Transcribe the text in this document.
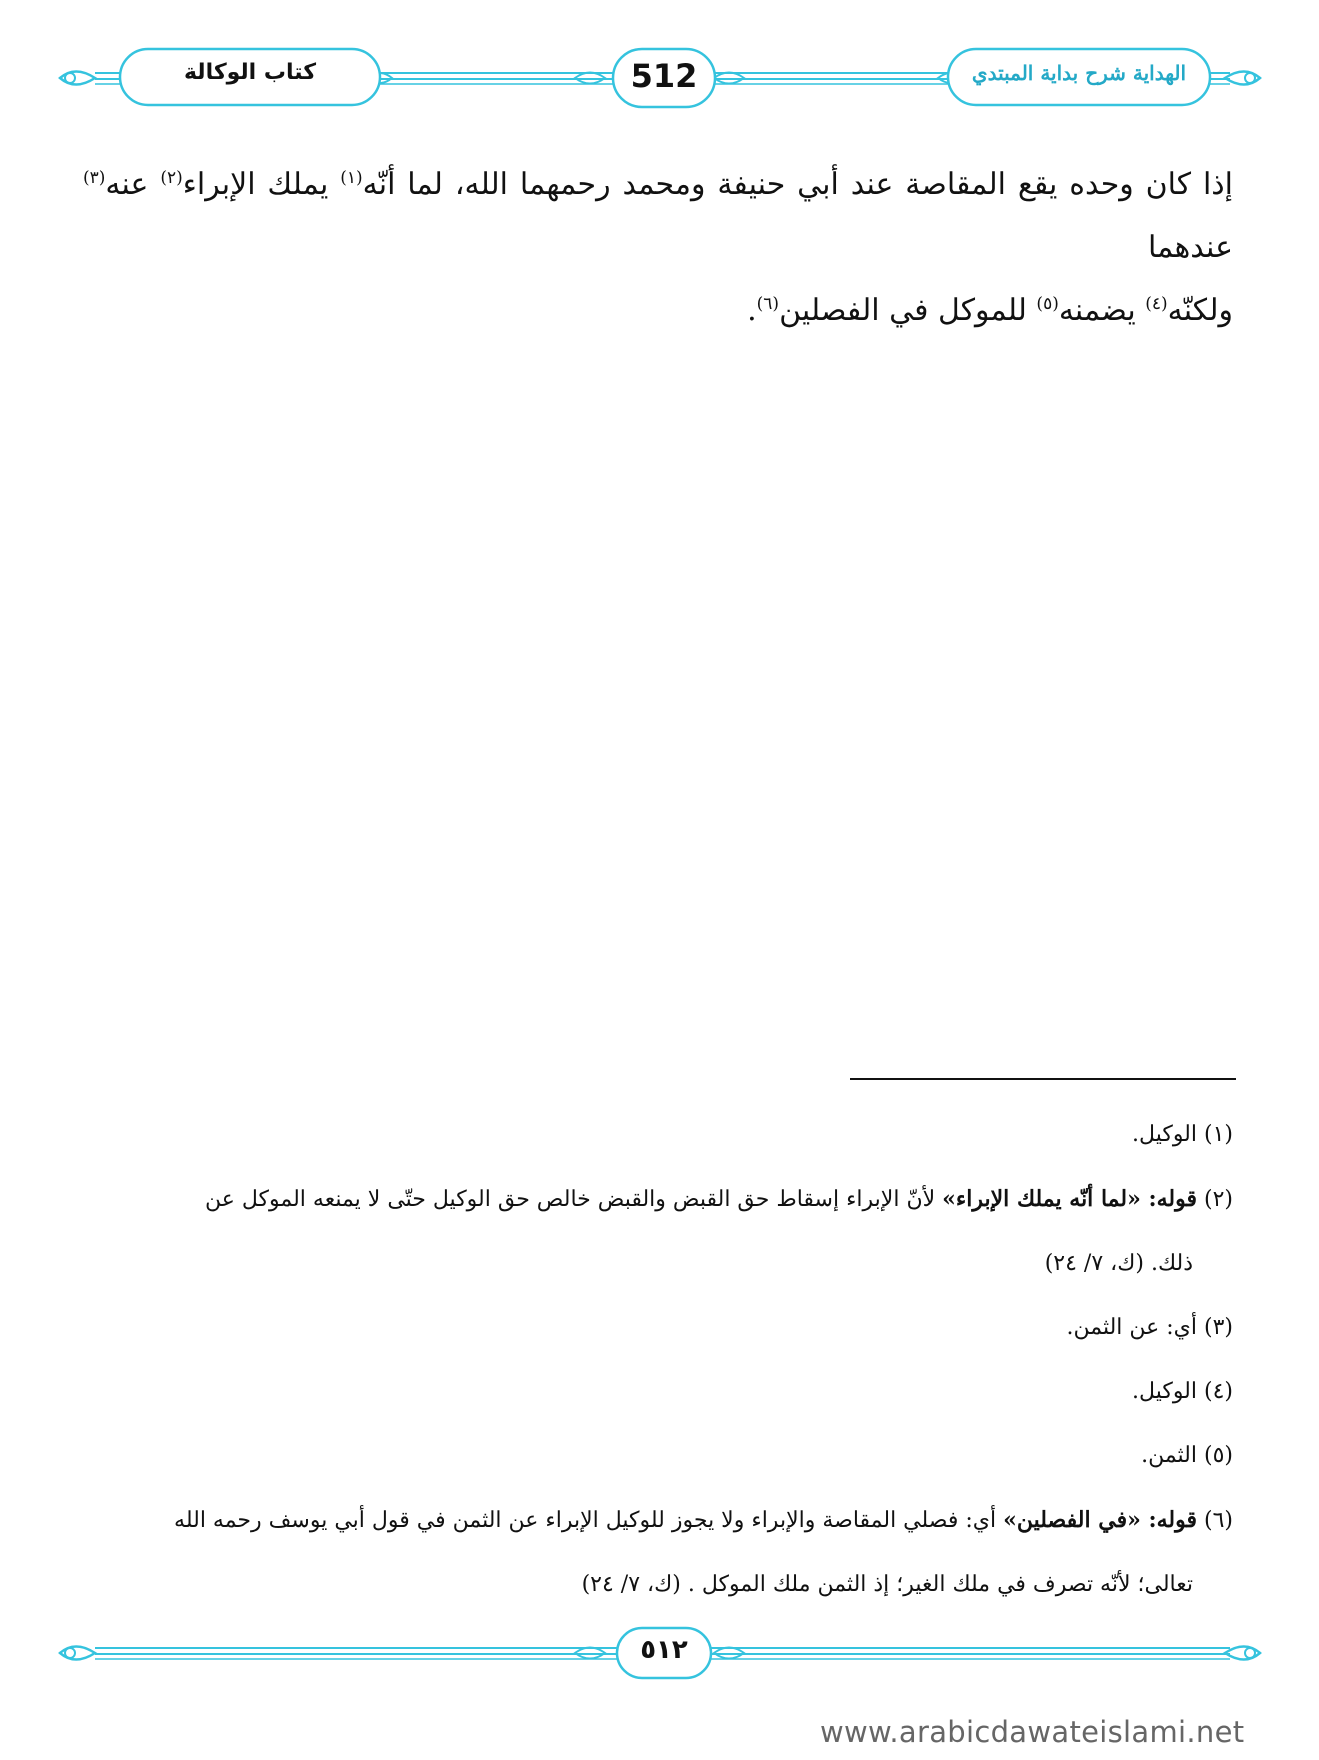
كتاب الوكالة	512	الهداية شرح بداية المبتدي
إذا كان وحده يقع المقاصة عند أبي حنيفة ومحمد رحمهما الله، لما أنّه$^{(١)}$ يملك الإبراء$^{(٢)}$ عنه$^{(٣)}$ عندهما
ولكنّه$^{(٤)}$ يضمنه$^{(٥)}$ للموكل في الفصلين$^{(٦)}$.
(١) الوكيل.
(٢) قوله: «لما أنّه يملك الإبراء» لأنّ الإبراء إسقاط حق القبض والقبض خالص حق الوكيل حتّى لا يمنعه الموكل عن
ذلك. (ك، ٧/ ٢٤)
(٣) أي: عن الثمن.
(٤) الوكيل.
(٥) الثمن.
(٦) قوله: «في الفصلين» أي: فصلي المقاصة والإبراء ولا يجوز للوكيل الإبراء عن الثمن في قول أبي يوسف رحمه الله
تعالى؛ لأنّه تصرف في ملك الغير؛ إذ الثمن ملك الموكل . (ك، ٧/ ٢٤)
٥١٢
www.arabicdawateislami.net
